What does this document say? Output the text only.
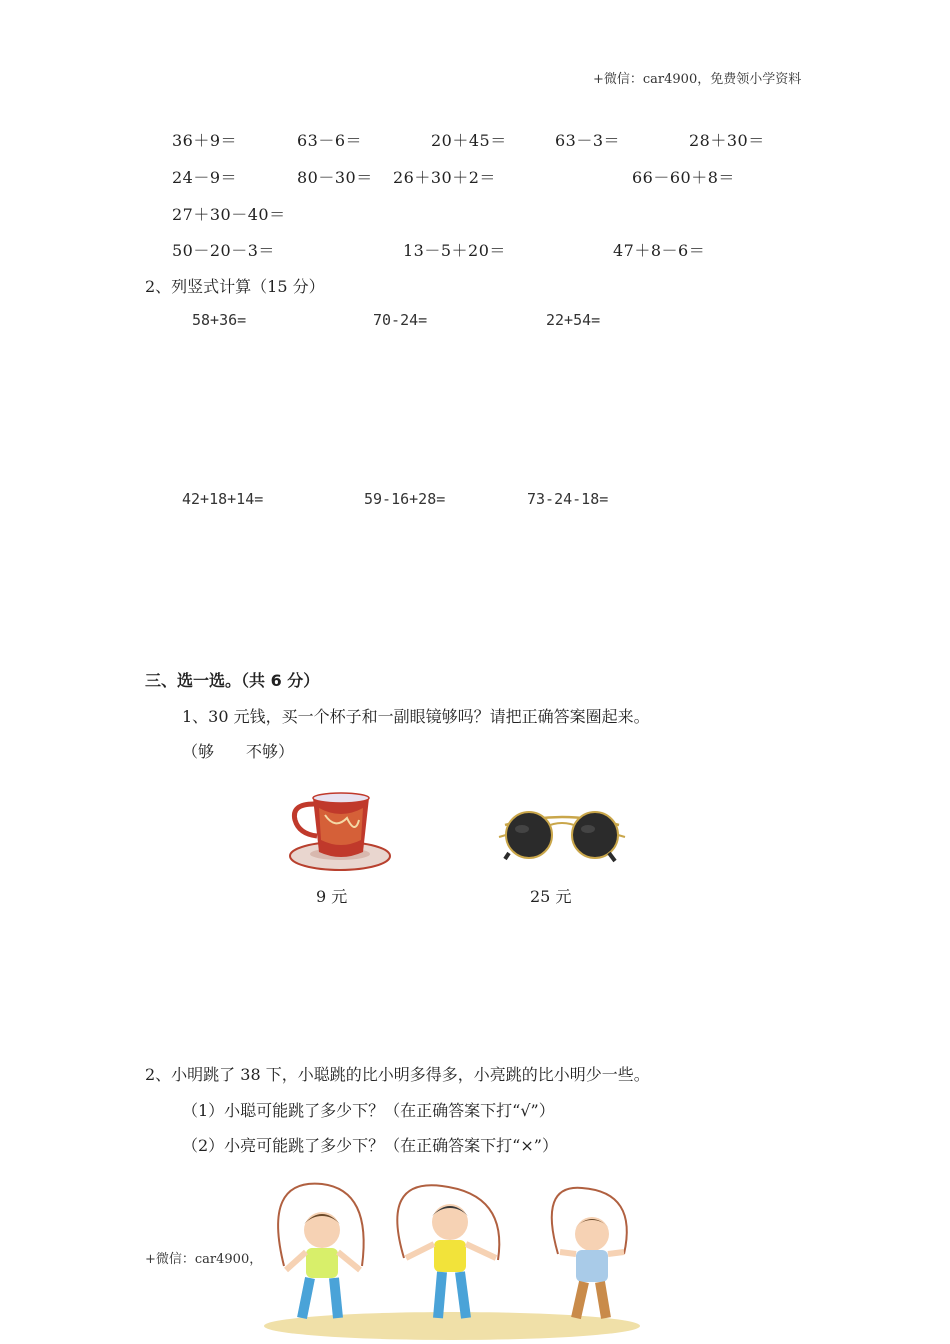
+微信：car4900，免费领小学资料
36＋9＝	63－6＝	20＋45＝	63－3＝	28＋30＝
24－9＝	80－30＝ 26＋30＋2＝	66－60＋8＝
27＋30－40＝
50－20－3＝	13－5＋20＝	47＋8－6＝
2、列竖式计算（15 分）
58+36=	70-24=	22+54=
42+18+14=	59-16+28=	73-24-18=
三、选一选。（共 6 分）
1、30 元钱，买一个杯子和一副眼镜够吗？请把正确答案圈起来。
（够　　不够）
9 元	25 元
2、小明跳了 38 下，小聪跳的比小明多得多，小亮跳的比小明少一些。
（1）小聪可能跳了多少下？（在正确答案下打“√”）
（2）小亮可能跳了多少下？（在正确答案下打“×”）
+微信：car4900，
